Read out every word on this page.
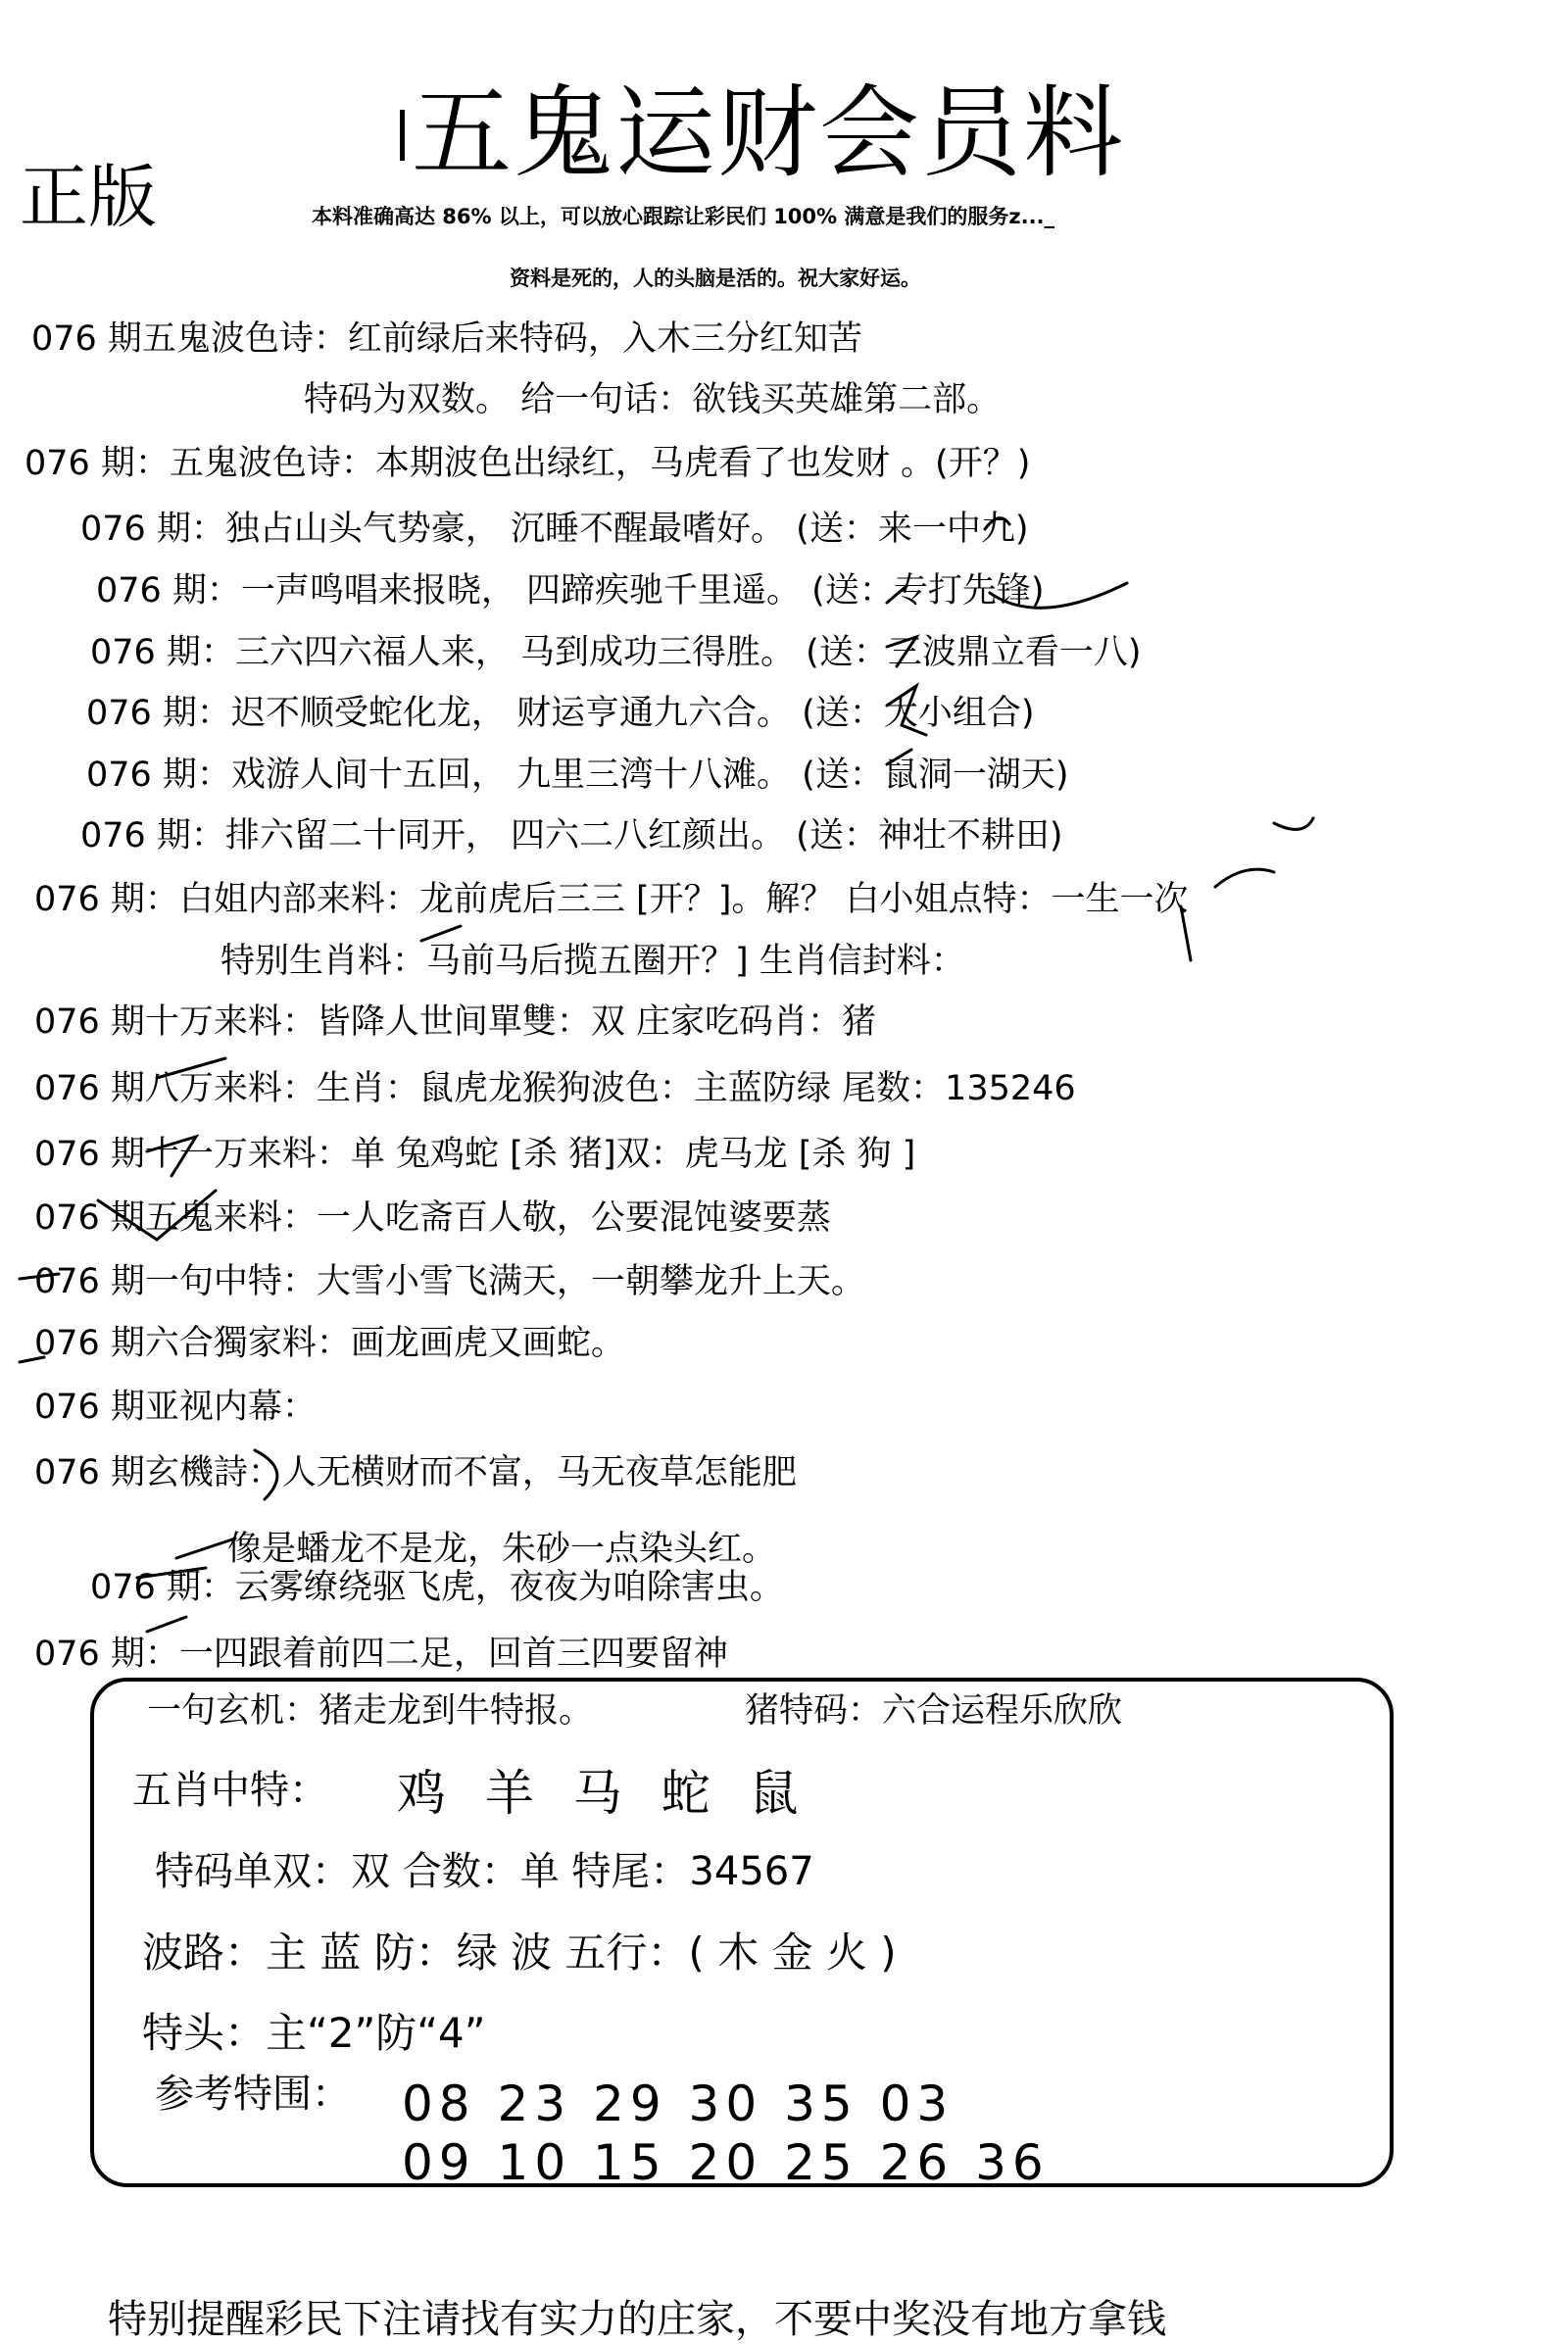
五鬼运财会员料
正版	本料准确高达 86% 以上，可以放心跟踪让彩民们 100% 满意是我们的服务z..._
资料是死的，人的头脑是活的。祝大家好运。
076 期五鬼波色诗：红前绿后来特码，入木三分红知苦
特码为双数。 给一句话：欲钱买英雄第二部。
076 期：五鬼波色诗：本期波色出绿红，马虎看了也发财 。(开？)
076 期：独占山头气势豪， 沉睡不醒最嗜好。 (送：来一中九)
076 期：一声鸣唱来报晓， 四蹄疾驰千里遥。 (送：专打先锋)
076 期：三六四六福人来， 马到成功三得胜。 (送：三波鼎立看一八)
076 期：迟不顺受蛇化龙， 财运亨通九六合。 (送：大小组合)
076 期：戏游人间十五回， 九里三湾十八滩。 (送：鼠洞一湖天)
076 期：排六留二十同开， 四六二八红颜出。 (送：神壮不耕田)
076 期：白姐内部来料：龙前虎后三三 [开？]。解？ 白小姐点特：一生一次
特别生肖料：马前马后揽五圈开？] 生肖信封料：
076 期十万来料：皆降人世间單雙：双 庄家吃码肖：猪
076 期八万来料：生肖：鼠虎龙猴狗波色：主蓝防绿 尾数：135246
076 期十一万来料：单 兔鸡蛇 [杀 猪]双：虎马龙 [杀 狗 ]
076 期五鬼来料：一人吃斋百人敬，公要混饨婆要蒸
076 期一句中特：大雪小雪飞满天，一朝攀龙升上天。
076 期六合獨家料：画龙画虎又画蛇。
076 期亚视内幕：
076 期玄機詩：人无横财而不富，马无夜草怎能肥
像是蟠龙不是龙，朱砂一点染头红。
076 期：云雾缭绕驱飞虎，夜夜为咱除害虫。
076 期：一四跟着前四二足，回首三四要留神
一句玄机：猪走龙到牛特报。	猪特码：六合运程乐欣欣
五肖中特： 鸡 羊 马 蛇 鼠
特码单双：双 合数：单 特尾：34567
波路：主 蓝 防：绿 波 五行：( 木 金 火 )
特头：主“2”防“4”
参考特围： 08 23 29 30 35 03
09 10 15 20 25 26 36
特别提醒彩民下注请找有实力的庄家，不要中奖没有地方拿钱
